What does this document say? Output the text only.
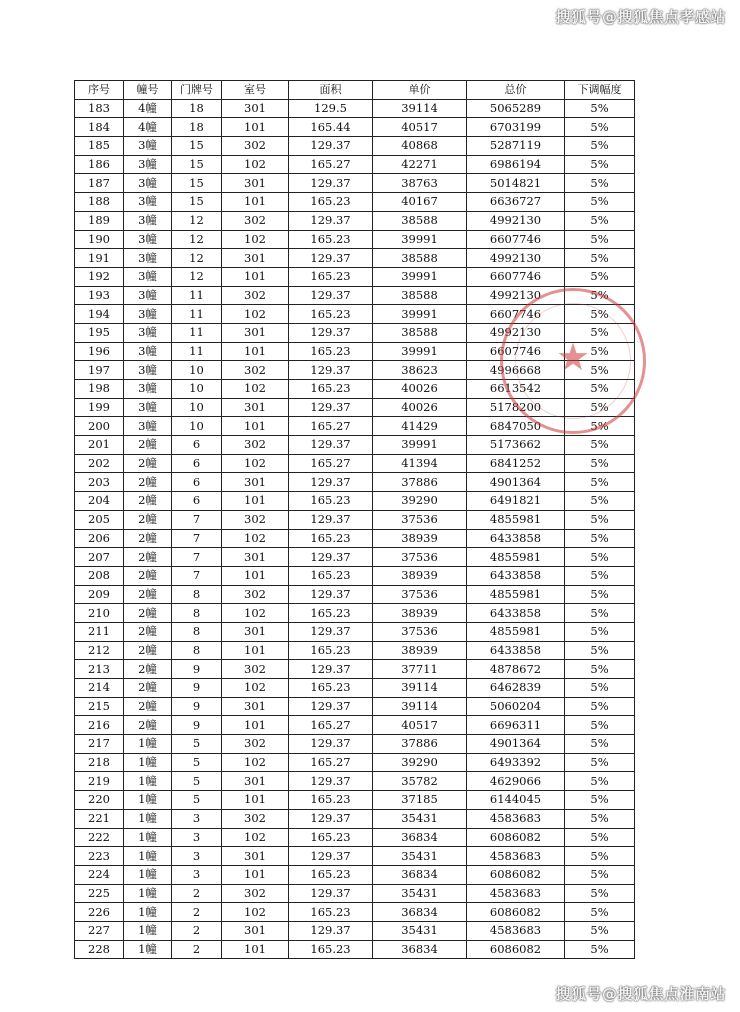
搜狐号@搜狐焦点孝感站
序号	幢号	门牌号	室号	面积	单价	总价	下调幅度
183	4幢	18	301	129.5	39114	5065289	5%
184	4幢	18	101	165.44	40517	6703199	5%
185	3幢	15	302	129.37	40868	5287119	5%
186	3幢	15	102	165.27	42271	6986194	5%
187	3幢	15	301	129.37	38763	5014821	5%
188	3幢	15	101	165.23	40167	6636727	5%
189	3幢	12	302	129.37	38588	4992130	5%
190	3幢	12	102	165.23	39991	6607746	5%
191	3幢	12	301	129.37	38588	4992130	5%
192	3幢	12	101	165.23	39991	6607746	5%
193	3幢	11	302	129.37	38588	4992130	5%
194	3幢	11	102	165.23	39991	6607746	5%
195	3幢	11	301	129.37	38588	4992130	5%
196	3幢	11	101	165.23	39991	6607746	5%
197	3幢	10	302	129.37	38623	4996668	5%
198	3幢	10	102	165.23	40026	6613542	5%
199	3幢	10	301	129.37	40026	5178200	5%
200	3幢	10	101	165.27	41429	6847050	5%
201	2幢	6	302	129.37	39991	5173662	5%
202	2幢	6	102	165.27	41394	6841252	5%
203	2幢	6	301	129.37	37886	4901364	5%
204	2幢	6	101	165.23	39290	6491821	5%
205	2幢	7	302	129.37	37536	4855981	5%
206	2幢	7	102	165.23	38939	6433858	5%
207	2幢	7	301	129.37	37536	4855981	5%
208	2幢	7	101	165.23	38939	6433858	5%
209	2幢	8	302	129.37	37536	4855981	5%
210	2幢	8	102	165.23	38939	6433858	5%
211	2幢	8	301	129.37	37536	4855981	5%
212	2幢	8	101	165.23	38939	6433858	5%
213	2幢	9	302	129.37	37711	4878672	5%
214	2幢	9	102	165.23	39114	6462839	5%
215	2幢	9	301	129.37	39114	5060204	5%
216	2幢	9	101	165.27	40517	6696311	5%
217	1幢	5	302	129.37	37886	4901364	5%
218	1幢	5	102	165.27	39290	6493392	5%
219	1幢	5	301	129.37	35782	4629066	5%
220	1幢	5	101	165.23	37185	6144045	5%
221	1幢	3	302	129.37	35431	4583683	5%
222	1幢	3	102	165.23	36834	6086082	5%
223	1幢	3	301	129.37	35431	4583683	5%
224	1幢	3	101	165.23	36834	6086082	5%
225	1幢	2	302	129.37	35431	4583683	5%
226	1幢	2	102	165.23	36834	6086082	5%
227	1幢	2	301	129.37	35431	4583683	5%
228	1幢	2	101	165.23	36834	6086082	5%
★
搜狐号@搜狐焦点淮南站
